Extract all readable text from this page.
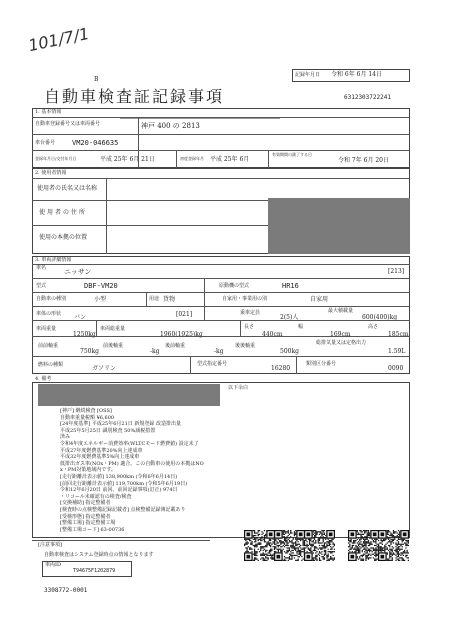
101/7/1
B
自動車検査証記録事項
記録年月日 令和 6年 6月 14日
6312303722241
1. 基本情報
自動車登録番号又は車両番号	神戸 400 の 2813
車台番号 VM20-046635
登録年月日/交付年月日	平成 25年 6月 21日	初度登録年月 平成 25年 6月
有効期間の満了する日
令和 7年 6月 20日
2. 使用者情報
使用者の氏名又は名称
使用者の住所
使用の本拠の位置
3. 車両詳細情報
車名	ニッサン	[213]
型式	DBF-VM20	原動機の型式	HR16
自動車の種別	小型	用途 貨物	自家用・事業用の別	自家用
車体の形状 バン	[021]	乗車定員
2(5)人
最大積載量
600(400)kg
車両重量
1250kg
車両総重量
1960(1925)kg
長さ
440cm
幅
169cm
高さ
185cm
前前軸重
750kg
前後軸重
-kg
後前軸重
-kg
後後軸重
500kg
総排気量又は定格出力
1.59L
燃料の種類	ガソリン
型式指定番号
16280
類別区分番号
0090
4. 備考
以下余白
[神戸] 継続検査 [OSS]
自動車重量税額 ¥6,600
[24年度基準] 平成25年6月21日 新規登録 改造排出量
平成25年5月25日 識別検査 50%減税措置
済み
令和4年度エネルギー消費効率(WLTCモード燃費値) 設定未了
平成27年度燃費基準20%向上達成車
平成32年度燃費基準5%向上達成車
低排出ガス車(NOx・PM) 適合。この自動車の使用の本拠はNO
x・PM対策地域内です。
[走行距離計表示値] 138,900km (令和6年6月14日)
[前回走行距離計表示値] 119,700km (令和5年6月19日)
令和12年6月20日 前回、前回記録事項(訂正) 974日
・リコール未確認有の検査/検査
[交換補助] 指定整備者
[検査時の点検整備記録記載者] 点検整備記録簿記載あり
[受検形態] 指定整備者
[整備工場] 指定整備工場
[整備工場コード] 63-00736
[注意事項]
自動車検査はシステム登録時点の情報となります
車両ID
T94675F1202879
3308772-0001
